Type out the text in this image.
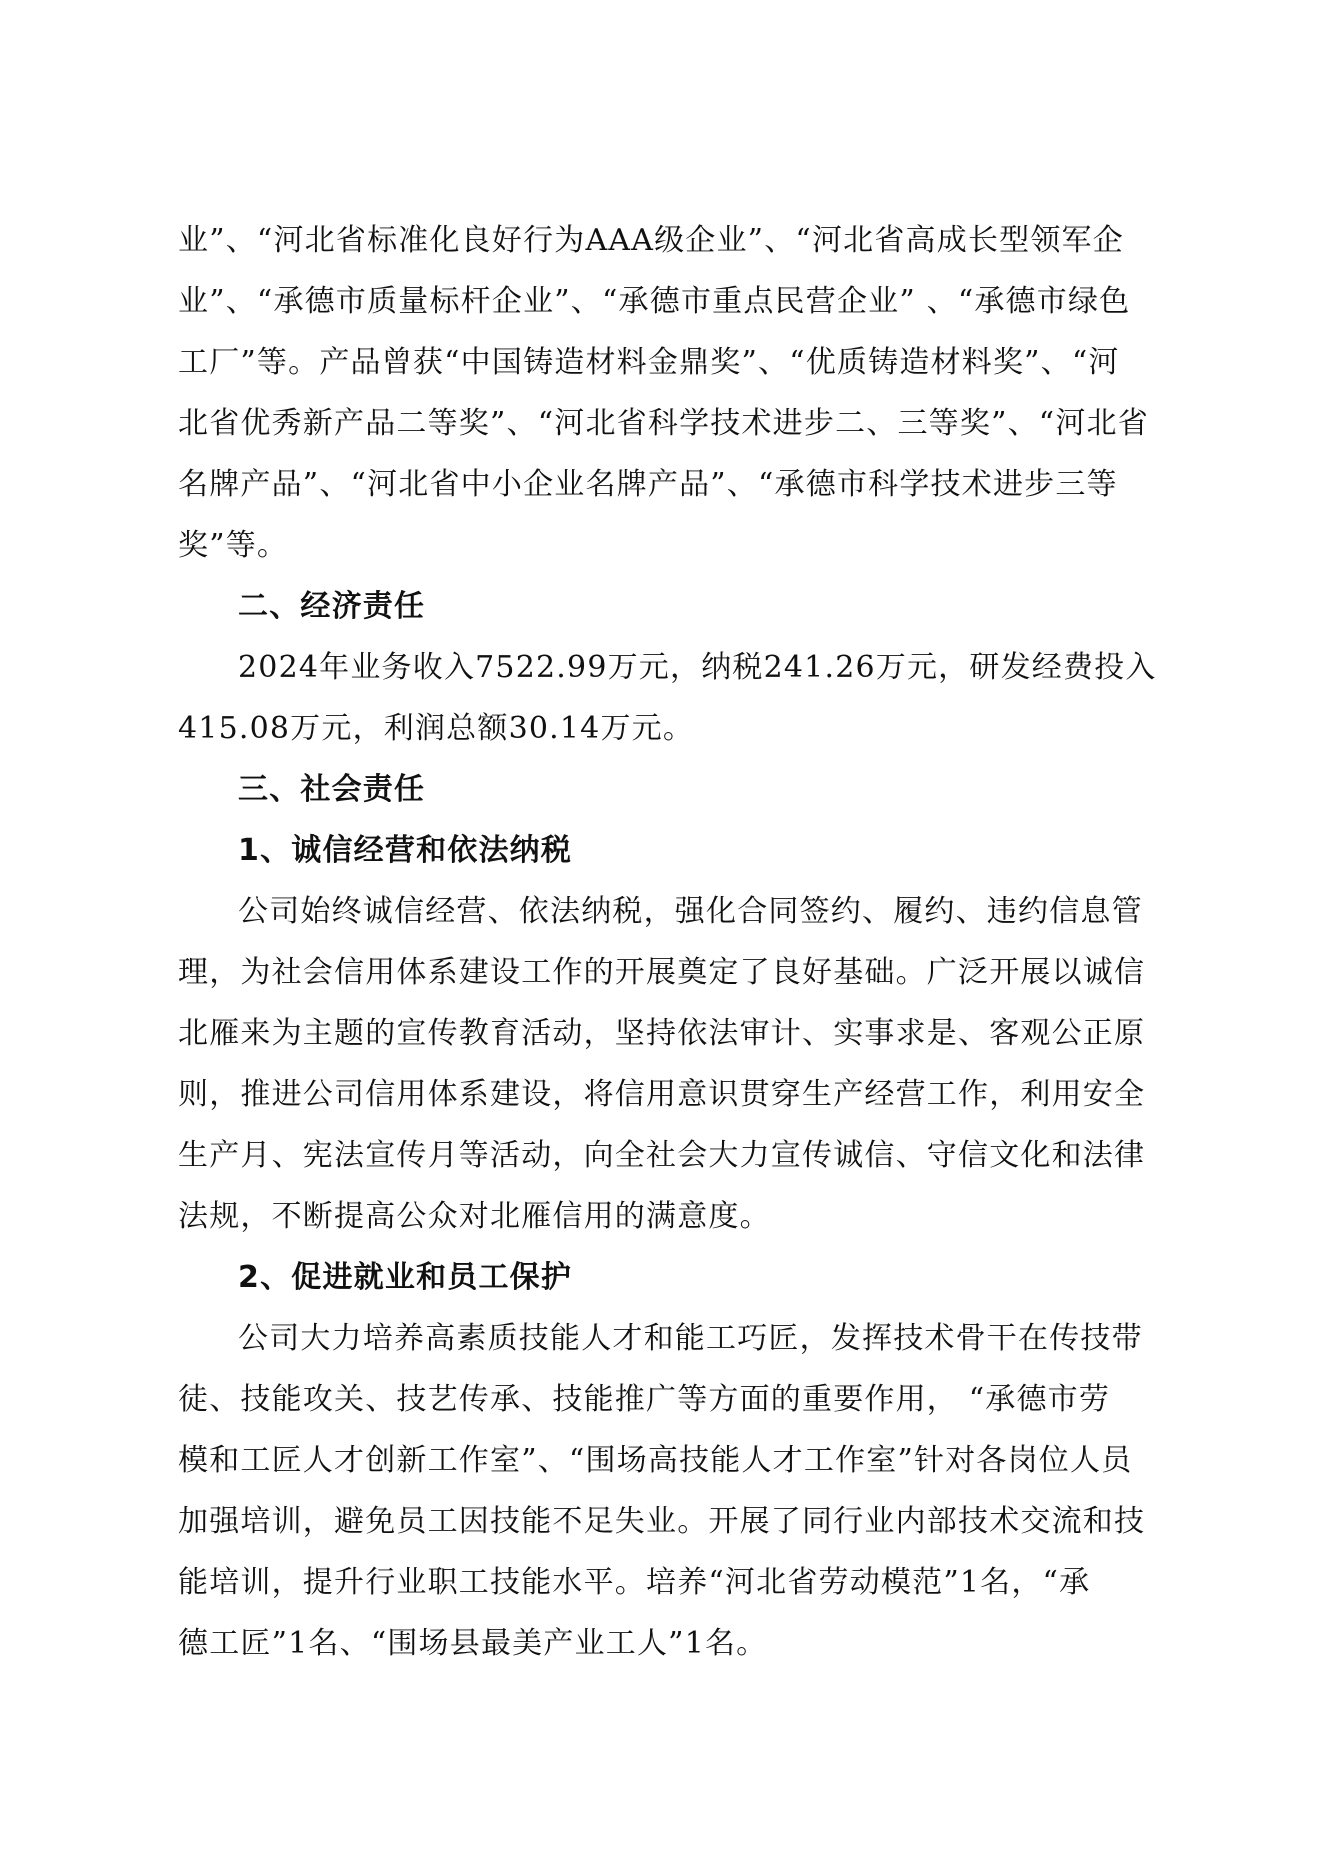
业”、“河北省标准化良好行为AAA级企业”、“河北省高成长型领军企
业”、“承德市质量标杆企业”、“承德市重点民营企业” 、“承德市绿色
工厂”等。产品曾获“中国铸造材料金鼎奖”、“优质铸造材料奖”、“河
北省优秀新产品二等奖”、“河北省科学技术进步二、三等奖”、“河北省
名牌产品”、“河北省中小企业名牌产品”、“承德市科学技术进步三等
奖”等。
二、经济责任
2024年业务收入7522.99万元，纳税241.26万元，研发经费投入
415.08万元，利润总额30.14万元。
三、社会责任
1、诚信经营和依法纳税
公司始终诚信经营、依法纳税，强化合同签约、履约、违约信息管
理，为社会信用体系建设工作的开展奠定了良好基础。广泛开展以诚信
北雁来为主题的宣传教育活动，坚持依法审计、实事求是、客观公正原
则，推进公司信用体系建设，将信用意识贯穿生产经营工作，利用安全
生产月、宪法宣传月等活动，向全社会大力宣传诚信、守信文化和法律
法规，不断提高公众对北雁信用的满意度。
2、促进就业和员工保护
公司大力培养高素质技能人才和能工巧匠，发挥技术骨干在传技带
徒、技能攻关、技艺传承、技能推广等方面的重要作用， “承德市劳
模和工匠人才创新工作室”、“围场高技能人才工作室”针对各岗位人员
加强培训，避免员工因技能不足失业。开展了同行业内部技术交流和技
能培训，提升行业职工技能水平。培养“河北省劳动模范”1名，“承
德工匠”1名、“围场县最美产业工人”1名。
